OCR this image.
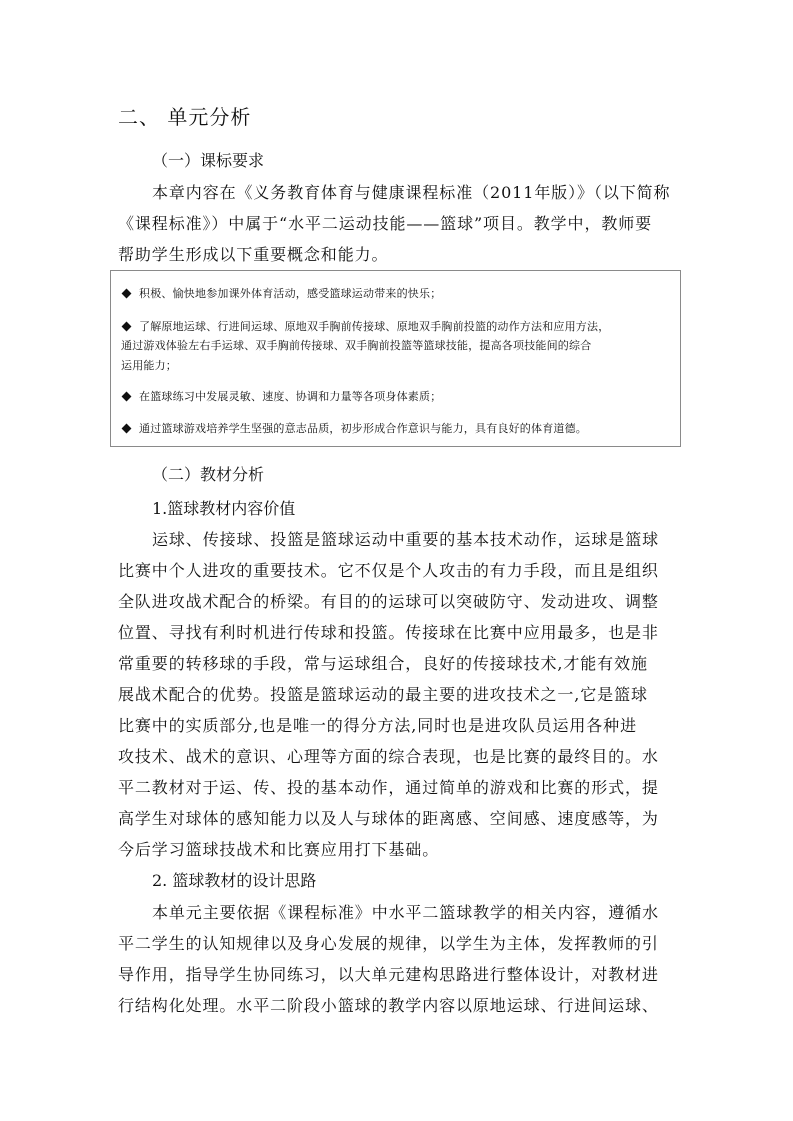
二、 单元分析
（一）课标要求
本章内容在《义务教育体育与健康课程标准（2011年版）》（以下简称
《课程标准》）中属于“水平二运动技能——篮球”项目。教学中，教师要
帮助学生形成以下重要概念和能力。
积极、愉快地参加课外体育活动，感受篮球运动带来的快乐；
了解原地运球、行进间运球、原地双手胸前传接球、原地双手胸前投篮的动作方法和应用方法，
通过游戏体验左右手运球、双手胸前传接球、双手胸前投篮等篮球技能，提高各项技能间的综合
运用能力；
在篮球练习中发展灵敏、速度、协调和力量等各项身体素质；
通过篮球游戏培养学生坚强的意志品质，初步形成合作意识与能力，具有良好的体育道德。
（二）教材分析
1.篮球教材内容价值
运球、传接球、投篮是篮球运动中重要的基本技术动作，运球是篮球
比赛中个人进攻的重要技术。它不仅是个人攻击的有力手段，而且是组织
全队进攻战术配合的桥梁。有目的的运球可以突破防守、发动进攻、调整
位置、寻找有利时机进行传球和投篮。传接球在比赛中应用最多，也是非
常重要的转移球的手段，常与运球组合，良好的传接球技术,才能有效施
展战术配合的优势。投篮是篮球运动的最主要的进攻技术之一,它是篮球
比赛中的实质部分,也是唯一的得分方法,同时也是进攻队员运用各种进
攻技术、战术的意识、心理等方面的综合表现，也是比赛的最终目的。水
平二教材对于运、传、投的基本动作，通过简单的游戏和比赛的形式，提
高学生对球体的感知能力以及人与球体的距离感、空间感、速度感等，为
今后学习篮球技战术和比赛应用打下基础。
2. 篮球教材的设计思路
本单元主要依据《课程标准》中水平二篮球教学的相关内容，遵循水
平二学生的认知规律以及身心发展的规律，以学生为主体，发挥教师的引
导作用，指导学生协同练习，以大单元建构思路进行整体设计，对教材进
行结构化处理。水平二阶段小篮球的教学内容以原地运球、行进间运球、
